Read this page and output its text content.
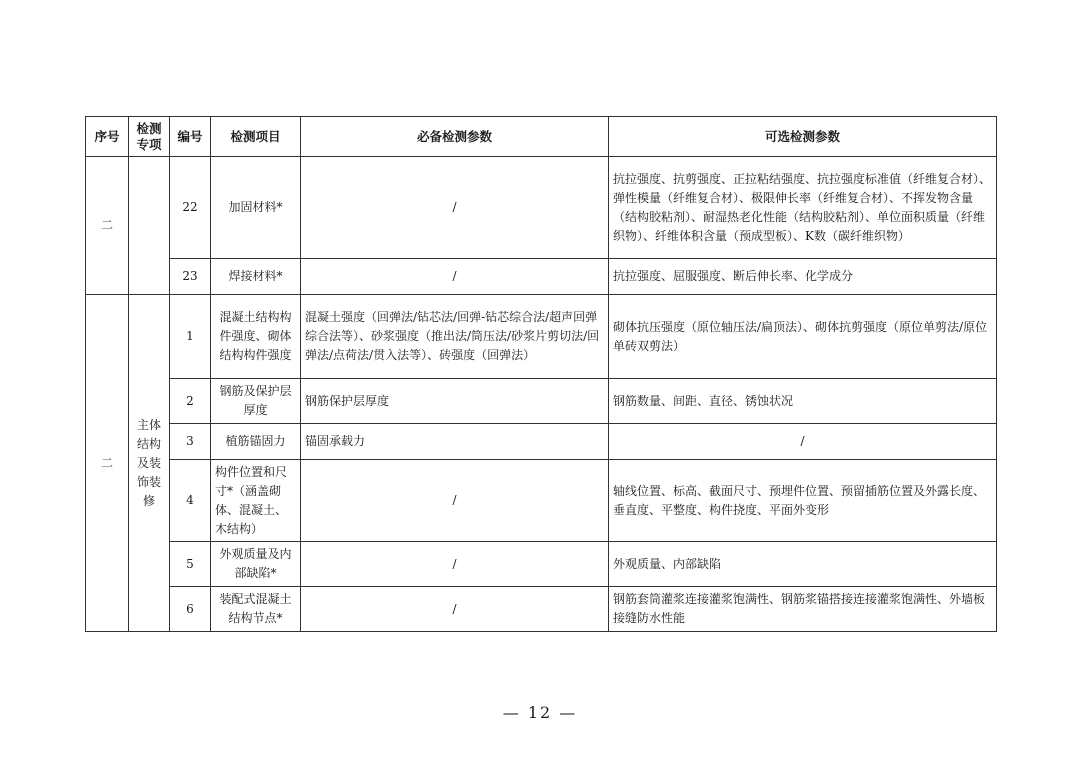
序号	检测专项	编号	检测项目	必备检测参数	可选检测参数
二		22	加固材料*	/	抗拉强度、抗剪强度、正拉粘结强度、抗拉强度标准值（纤维复合材）、弹性模量（纤维复合材）、极限伸长率（纤维复合材）、不挥发物含量（结构胶粘剂）、耐湿热老化性能（结构胶粘剂）、单位面积质量（纤维织物）、纤维体积含量（预成型板）、K数（碳纤维织物）
		23	焊接材料*	/	抗拉强度、屈服强度、断后伸长率、化学成分
二	主体结构及装饰装修	1	混凝土结构构件强度、砌体结构构件强度	混凝土强度（回弹法/钻芯法/回弹-钻芯综合法/超声回弹综合法等）、砂浆强度（推出法/筒压法/砂浆片剪切法/回弹法/点荷法/贯入法等）、砖强度（回弹法）	砌体抗压强度（原位轴压法/扁顶法）、砌体抗剪强度（原位单剪法/原位单砖双剪法）
		2	钢筋及保护层厚度	钢筋保护层厚度	钢筋数量、间距、直径、锈蚀状况
		3	植筋锚固力	锚固承载力	/
		4	构件位置和尺寸*（涵盖砌体、混凝土、木结构）	/	轴线位置、标高、截面尺寸、预埋件位置、预留插筋位置及外露长度、垂直度、平整度、构件挠度、平面外变形
		5	外观质量及内部缺陷*	/	外观质量、内部缺陷
		6	装配式混凝土结构节点*	/	钢筋套筒灌浆连接灌浆饱满性、钢筋浆锚搭接连接灌浆饱满性、外墙板接缝防水性能
— 12 —
